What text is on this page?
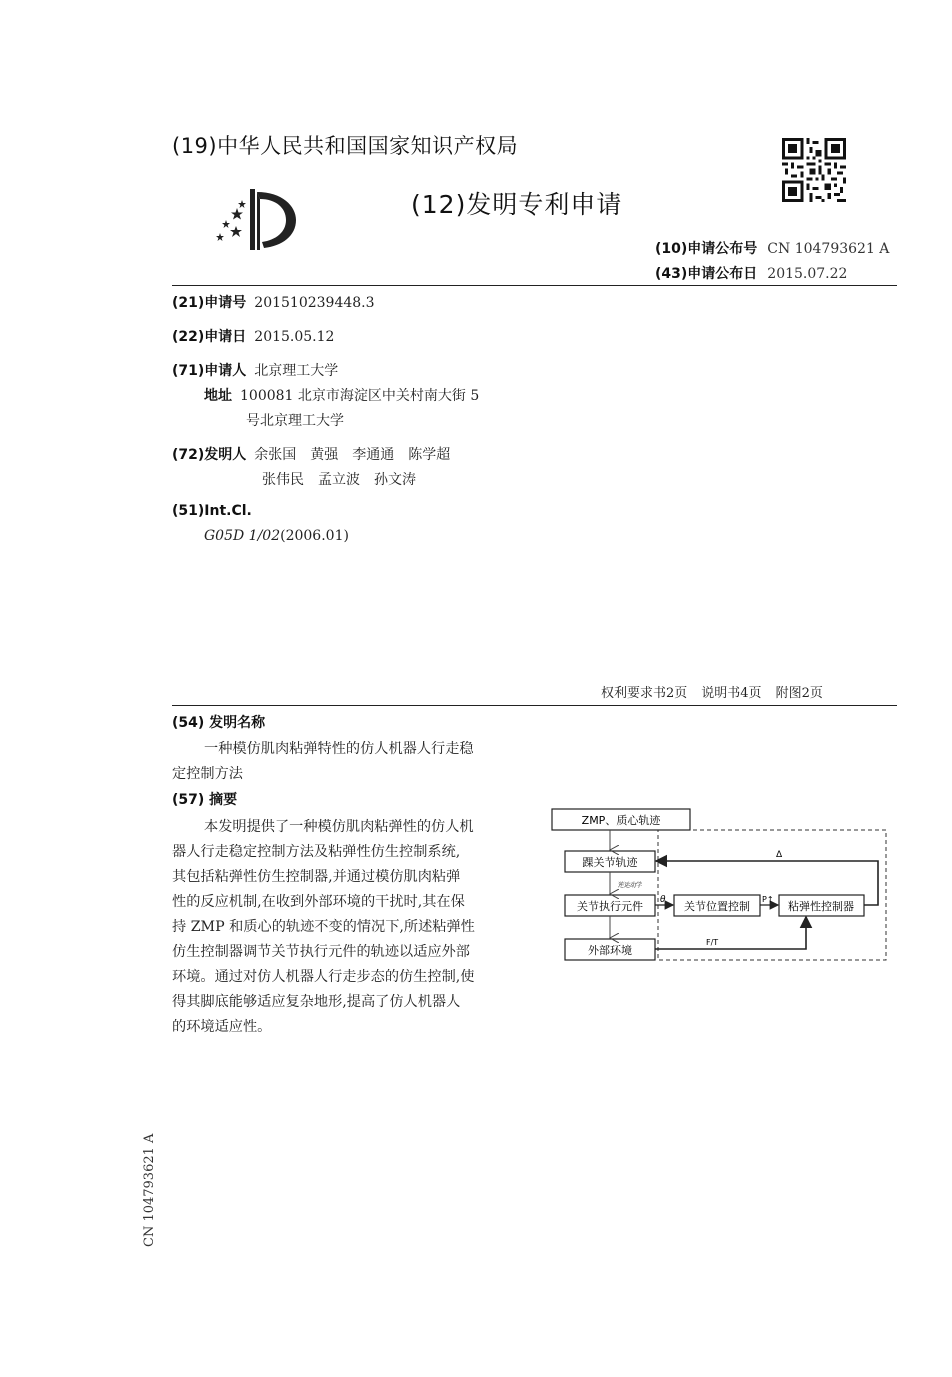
(19)中华人民共和国国家知识产权局
(12)发明专利申请
(10)申请公布号 CN 104793621 A
(43)申请公布日 2015.07.22
(21)申请号 201510239448.3
(22)申请日 2015.05.12
(71)申请人 北京理工大学
地址 100081 北京市海淀区中关村南大街 5
号北京理工大学
(72)发明人 余张国　黄强　李通通　陈学超
张伟民　孟立波　孙文涛
(51)Int.Cl.
G05D 1/02(2006.01)
权利要求书2页 说明书4页 附图2页
(54) 发明名称
一种模仿肌肉粘弹特性的仿人机器人行走稳
定控制方法
(57) 摘要
本发明提供了一种模仿肌肉粘弹性的仿人机
器人行走稳定控制方法及粘弹性仿生控制系统,
其包括粘弹性仿生控制器,并通过模仿肌肉粘弹
性的反应机制,在收到外部环境的干扰时,其在保
持 ZMP 和质心的轨迹不变的情况下,所述粘弹性
仿生控制器调节关节执行元件的轨迹以适应外部
环境。通过对仿人机器人行走步态的仿生控制,使
得其脚底能够适应复杂地形,提高了仿人机器人
的环境适应性。
ZMP、质心轨迹
踝关节轨迹
关节执行元件	关节位置控制	粘弹性控制器
外部环境
逆运动学
θ	P↑
Δ
F/T
CN 104793621 A
